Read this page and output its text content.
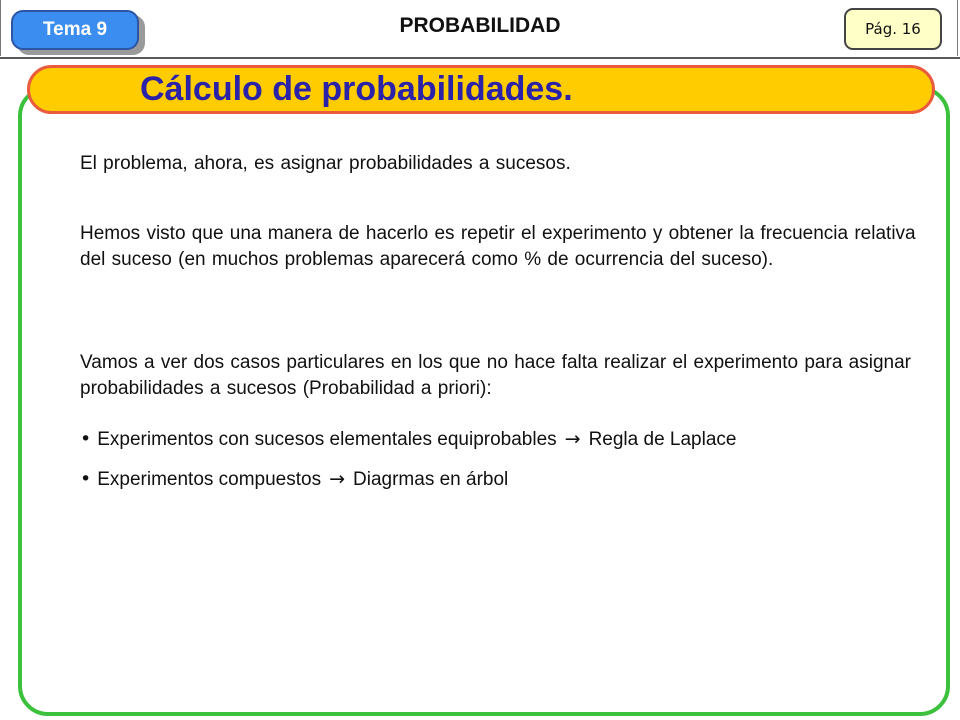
Tema 9	PROBABILIDAD	Pág. 16
Cálculo de probabilidades.
El problema, ahora, es asignar probabilidades a sucesos.
Hemos visto que una manera de hacerlo es repetir el experimento y obtener la frecuencia relativa del suceso (en muchos problemas aparecerá como % de ocurrencia del suceso).
Vamos a ver dos casos particulares en los que no hace falta realizar el experimento para asignar probabilidades a sucesos (Probabilidad a priori):
• Experimentos con sucesos elementales equiprobables → Regla de Laplace
• Experimentos compuestos → Diagrmas en árbol
